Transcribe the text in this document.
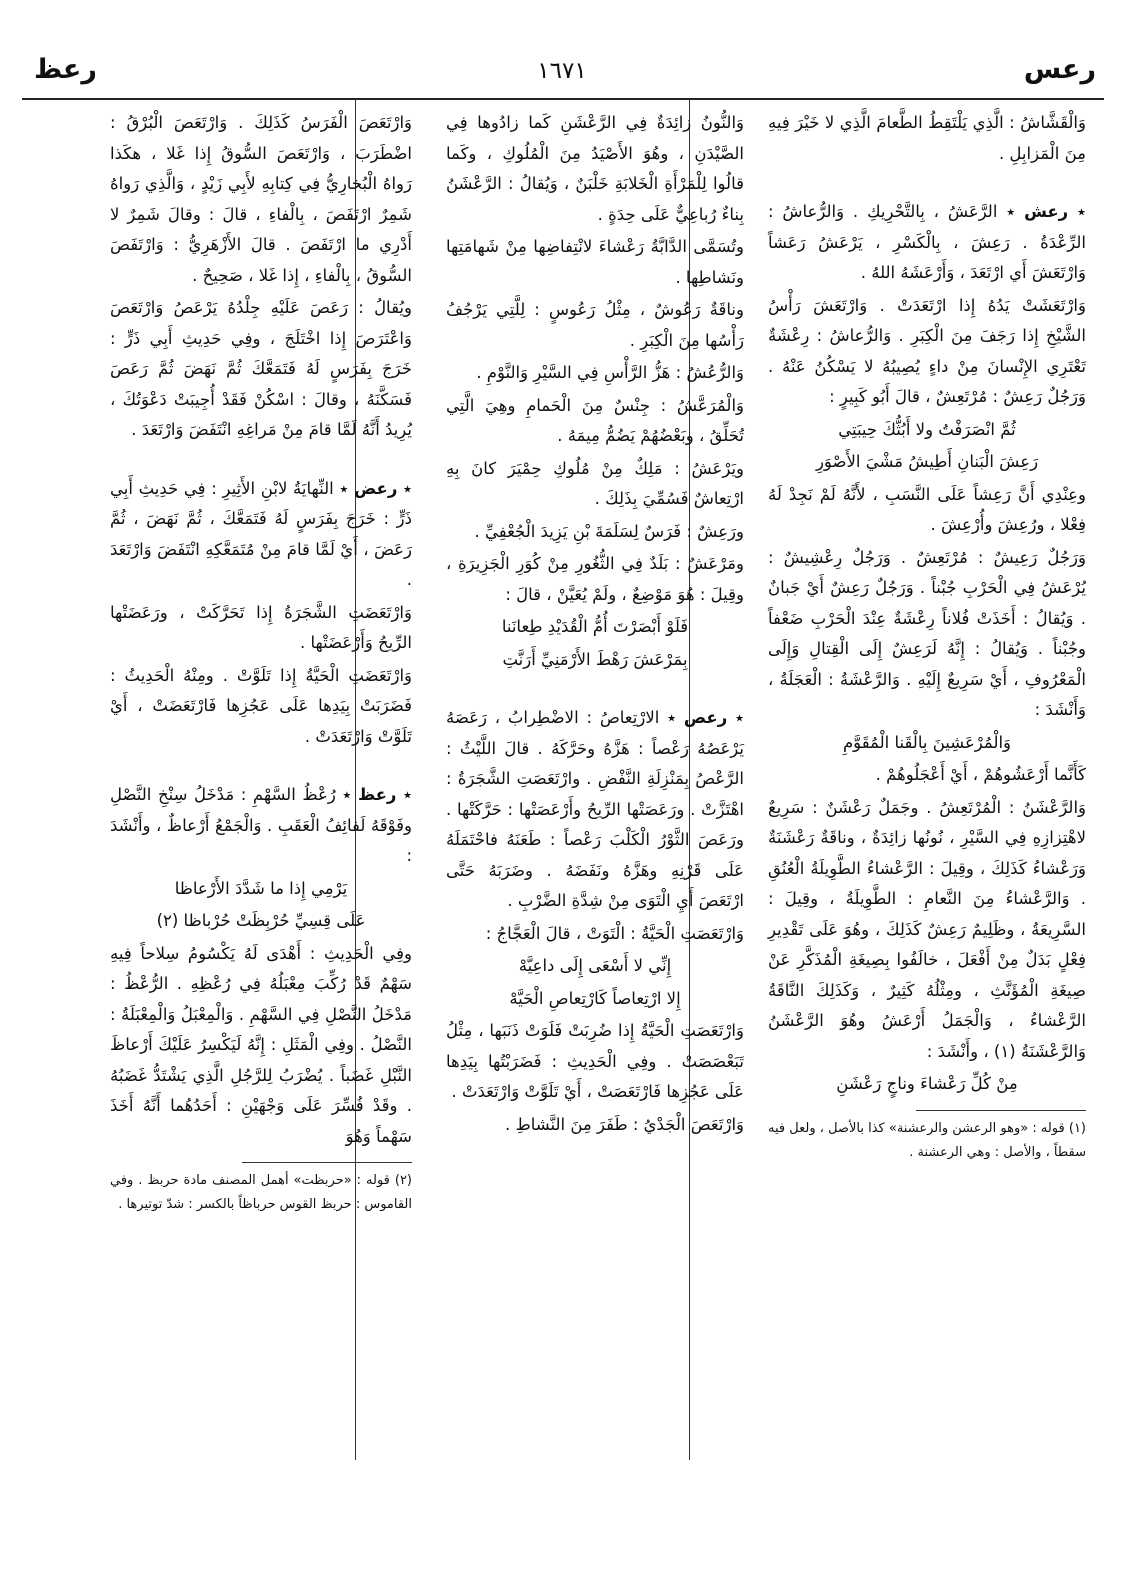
رعس
١٦٧١
رعظ

وَالْقَشَّاشُ : الَّذِي يَلْتَقِطُ الطَّعامَ الَّذِي لا خَيْرَ فِيهِ مِنَ الْمَزابِلِ .

٭ رعش ٭ الرَّعَشُ ، بِالتَّحْرِيكِ . وَالرُّعاشُ : الرِّعْدَةُ . رَعِشَ ، بِالْكَسْرِ ، يَرْعَشُ رَعَشاً وَارْتَعَشَ أَي ارْتَعَدَ ، وَأَرْعَشَهُ اللهُ .

وَارْتَعَشَتْ يَدُهُ إِذا ارْتَعَدَتْ . وَارْتَعَشَ رَأْسُ الشَّيْخِ إِذا رَجَفَ مِنَ الْكِبَرِ . وَالرُّعاشُ : رِعْشَةٌ تَعْتَرِي الإِنْسانَ مِنْ داءٍ يُصِيبُهُ لا يَسْكُنُ عَنْهُ . وَرَجُلٌ رَعِشٌ : مُرْتَعِشٌ ، قالَ أَبُو كَبِيرٍ :

ثُمَّ انْصَرَفْتُ ولا أَبُثُّكَ حِيبَتِي

رَعِشَ الْبَنانِ أَطِيشُ مَشْيَ الأَصْوَرِ

وعِنْدِي أَنَّ رَعِشاً عَلَى النَّسَبِ ، لأَنَّهُ لَمْ نَجِدْ لَهُ فِعْلا ، ورُعِشَ وأُرْعِشَ .

وَرَجُلٌ رَعِيشٌ : مُرْتَعِشٌ . وَرَجُلٌ رِعْشِيشٌ : يُرْعَشُ فِي الْحَرْبِ جُبْناً . وَرَجُلٌ رَعِشٌ أَيْ جَبانٌ . وَيُقالُ : أَخَذَتْ فُلاناً رِعْشَةٌ عِنْدَ الْحَرْبِ ضَعْفاً وجُبْناً . وَيُقالُ : إِنَّهُ لَرَعِشٌ إِلَى الْقِتالِ وَإِلَى الْمَعْرُوفِ ، أَيْ سَرِيعٌ إِلَيْهِ . وَالرَّعْشَةُ : الْعَجَلَةُ ، وَأَنْشَدَ :

وَالْمُرْعَشِينَ بِالْقَنا الْمُقَوَّمِ

كَأَنَّما أَرْعَشُوهُمْ ، أَيْ أَعْجَلُوهُمْ .

وَالرَّعْشَنُ : الْمُرْتَعِشُ . وجَمَلٌ رَعْشَنٌ : سَرِيعٌ لاهْتِزازِهِ فِي السَّيْرِ ، نُونُها زائِدَةٌ ، وناقَةٌ رَعْشَنَةٌ وَرَعْشاءُ كَذَلِكَ ، وقِيلَ : الرَّعْشاءُ الطَّوِيلَةُ الْعُنُقِ . وَالرَّعْشاءُ مِنَ النَّعامِ : الطَّوِيلَةُ ، وقِيلَ : السَّرِيعَةُ ، وظَلِيمٌ رَعِشٌ كَذَلِكَ ، وهُوَ عَلَى تَقْدِيرِ فِعْلٍ بَدَلٌ مِنْ أَفْعَلَ ، خالَفُوا بِصِيغَةِ الْمُذَكَّرِ عَنْ صِيغَةِ الْمُؤَنَّثِ ، ومِثْلُهُ كَثِيرٌ ، وَكَذَلِكَ النَّاقَةُ الرَّعْشاءُ ، وَالْجَمَلُ أَرْعَشُ وهُوَ الرَّعْشَنُ وَالرَّعْشَنَةُ (١) ، وأَنْشَدَ :

مِنْ كُلِّ رَعْشاءَ وناجٍ رَعْشَنِ

(١) قوله : «وهو الرعشن والرعشنة» كذا بالأصل ، ولعل فيه سقطاً ، والأصل : وهي الرعشنة .

وَالنُّونُ زائِدَةٌ فِي الرَّعْشَنِ كَما زادُوها فِي الصَّيْدَنِ ، وهُوَ الأَصْيَدُ مِنَ الْمُلُوكِ ، وكَما قالُوا لِلْمَرْأَةِ الْخَلابَةِ خَلْبَنٌ ، وَيُقالُ : الرَّعْشَنُ بِناءٌ رُباعِيٌّ عَلَى حِدَةٍ .

وتُسَمَّى الدَّابَّةُ رَعْشاءَ لانْتِفاضِها مِنْ شَهامَتِها ونَشاطِها .

وناقَةٌ رَعُوشٌ ، مِثْلُ رَعُوسٍ : لِلَّتِي يَرْجُفُ رَأْسُها مِنَ الْكِبَرِ .

وَالرُّعُشُ : هَزُّ الرَّأْسِ فِي السَّيْرِ وَالنَّوْمِ .

وَالْمُرَعَّشُ : جِنْسٌ مِنَ الْحَمامِ وهِيَ الَّتِي تُحَلِّقُ ، وبَعْضُهُمْ يَضُمُّ مِيمَهُ .

ويَرْعَشُ : مَلِكٌ مِنْ مُلُوكِ حِمْيَرَ كانَ بِهِ ارْتِعاشٌ فَسُمِّيَ بِذَلِكَ .

ورَعِشٌ : فَرَسٌ لِسَلَمَةَ بْنِ يَزِيدَ الْجُعْفِيِّ .

ومَرْعَشٌ : بَلَدٌ فِي الثُّغُورِ مِنْ كُوَرِ الْجَزِيرَةِ ، وقِيلَ : هُوَ مَوْضِعٌ ، ولَمْ يُعَيَّنْ ، قالَ :

فَلَوْ أَبْصَرْتَ أُمُّ الْقُدَيْدِ طِعانَنا

بِمَرْعَشَ رَهْطَ الأَرْمَنِيِّ أَرَنَّتِ

٭ رعص ٭ الارْتِعاصُ : الاضْطِرابُ ، رَعَصَهُ يَرْعَصُهُ رَعْصاً : هَزَّهُ وحَرَّكَهُ . قالَ اللَّيْثُ : الرَّعْصُ بِمَنْزِلَةِ النَّفْضِ . وارْتَعَصَتِ الشَّجَرَةُ : اهْتَزَّتْ . ورَعَصَتْها الرِّيحُ وأَرْعَصَتْها : حَرَّكَتْها . ورَعَصَ الثَّوْرُ الْكَلْبَ رَعْصاً : طَعَنَهُ فاحْتَمَلَهُ عَلَى قَرْنِهِ وهَزَّهُ ونَفَضَهُ . وضَرَبَهُ حَتَّى ارْتَعَصَ أَيِ الْتَوَى مِنْ شِدَّةِ الضَّرْبِ .

وَارْتَعَصَتِ الْحَيَّةُ : الْتَوَتْ ، قالَ الْعَجَّاجُ :

إِنِّي لا أَسْعَى إِلَى داعِيَّهْ

إِلا ارْتِعاصاً كَارْتِعاصِ الْحَيَّهْ

وَارْتَعَصَتِ الْحَيَّةُ إِذا ضُرِبَتْ فَلَوَتْ ذَنَبَها ، مِثْلُ تَبَعْصَصَتْ . وفِي الْحَدِيثِ : فَضَرَبْتُها بِيَدِها عَلَى عَجُزِها فَارْتَعَصَتْ ، أَيْ تَلَوَّتْ وَارْتَعَدَتْ .

وَارْتَعَصَ الْجَدْيُ : طَفَرَ مِنَ النَّشاطِ .

وَارْتَعَصَ الْفَرَسُ كَذَلِكَ . وَارْتَعَصَ الْبُرْقُ : اضْطَرَبَ ، وَارْتَعَصَ السُّوقُ إِذا غَلا ، هكَذا رَواهُ الْبُخارِيُّ فِي كِتابِهِ لأَبِي زَيْدٍ ، وَالَّذِي رَواهُ شَمِرٌ ارْتَفَصَ ، بِالْفاءِ ، قالَ : وقالَ شَمِرٌ لا أَدْرِي ما ارْتَفَصَ . قالَ الأَزْهَرِيُّ : وَارْتَفَصَ السُّوقُ ، بِالْفاءِ ، إِذا غَلا ، صَحِيحٌ .

ويُقالُ : رَعَصَ عَلَيْهِ جِلْدُهُ يَرْعَصُ وَارْتَعَصَ وَاعْتَرَصَ إِذا اخْتَلَجَ ، وفِي حَدِيثِ أَبِي ذَرٍّ : خَرَجَ بِفَرَسٍ لَهُ فَتَمَعَّكَ ثُمَّ نَهَضَ ثُمَّ رَعَصَ فَسَكَّنَهُ ، وقالَ : اسْكُنْ فَقَدْ أُجِيبَتْ دَعْوَتُكَ ، يُرِيدُ أَنَّهُ لَمَّا قامَ مِنْ مَراغِهِ انْتَفَضَ وَارْتَعَدَ .

٭ رعض ٭ النِّهايَةُ لابْنِ الأَثِيرِ : فِي حَدِيثِ أَبِي ذَرٍّ : خَرَجَ بِفَرَسٍ لَهُ فَتَمَعَّكَ ، ثُمَّ نَهَضَ ، ثُمَّ رَعَضَ ، أَيْ لَمَّا قامَ مِنْ مُتَمَعَّكِهِ انْتَفَضَ وَارْتَعَدَ .

وَارْتَعَضَتِ الشَّجَرَةُ إِذا تَحَرَّكَتْ ، ورَعَضَتْها الرِّيحُ وَأَرْعَضَتْها .

وَارْتَعَضَتِ الْحَيَّةُ إِذا تَلَوَّتْ . ومِنْهُ الْحَدِيثُ : فَضَرَبَتْ بِيَدِها عَلَى عَجُزِها فَارْتَعَضَتْ ، أَيْ تَلَوَّتْ وَارْتَعَدَتْ .

٭ رعظ ٭ رُعْظُ السَّهْمِ : مَدْخَلُ سِنْخِ النَّصْلِ وفَوْقَهُ لَفائِفُ الْعَقَبِ . وَالْجَمْعُ أَرْعاظٌ ، وأَنْشَدَ :

يَرْمِي إِذا ما شَدَّدَ الأَرْعاظا

عَلَى قِسِيِّ حُرْبِظَتْ حُرْباظا (٢)

وفِي الْحَدِيثِ : أَهْدَى لَهُ يَكْسُومُ سِلاحاً فِيهِ سَهْمٌ قَدْ رُكِّبَ مِعْبَلُهُ فِي رُعْظِهِ . الرُّعْظُ : مَدْخَلُ النَّصْلِ فِي السَّهْمِ . وَالْمِعْبَلُ وَالْمِعْبَلَةُ : النَّصْلُ . وفِي الْمَثَلِ : إِنَّهُ لَيَكْسِرُ عَلَيْكَ أَرْعاظَ النَّبْلِ غَضَباً . يُضْرَبُ لِلرَّجُلِ الَّذِي يَشْتَدُّ غَضَبُهُ . وقَدْ فُسِّرَ عَلَى وَجْهَيْنِ : أَحَدُهُما أَنَّهُ أَخَذَ سَهْماً وَهُوَ

(٢) قوله : «حربظت» أهمل المصنف مادة حربظ . وفي القاموس : حربظ القوس حرباظاً بالكسر : شدّ توتيرها .
